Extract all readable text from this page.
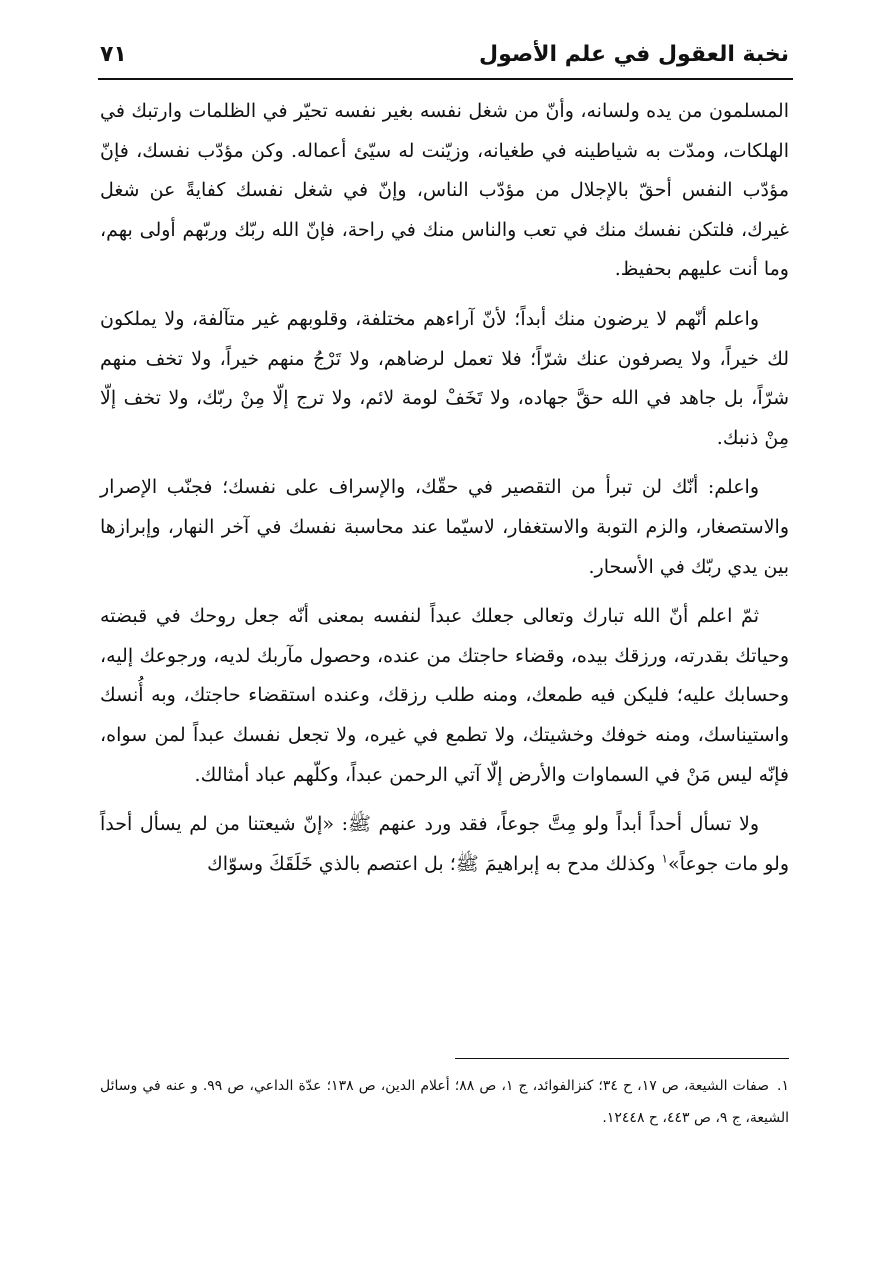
نخبة العقول في علم الأصول
٧١

المسلمون من يده ولسانه، وأنّ من شغل نفسه بغير نفسه تحيّر في الظلمات وارتبك في الهلكات، ومدّت به شياطينه في طغيانه، وزيّنت له سيّئ أعماله. وكن مؤدّب نفسك، فإنّ مؤدّب النفس أحقّ بالإجلال من مؤدّب الناس، وإنّ في شغل نفسك كفايةً عن شغل غيرك، فلتكن نفسك منك في تعب والناس منك في راحة، فإنّ الله ربّك وربّهم أولى بهم، وما أنت عليهم بحفيظ.

واعلم أنّهم لا يرضون منك أبداً؛ لأنّ آراءهم مختلفة، وقلوبهم غير متآلفة، ولا يملكون لك خيراً، ولا يصرفون عنك شرّاً؛ فلا تعمل لرضاهم، ولا تَرْجُ منهم خيراً، ولا تخف منهم شرّاً، بل جاهد في الله حقَّ جهاده، ولا تَخَفْ لومة لائم، ولا ترج إلّا مِنْ ربّك، ولا تخف إلّا مِنْ ذنبك.

واعلم: أنّك لن تبرأ من التقصير في حقّك، والإسراف على نفسك؛ فجنّب الإصرار والاستصغار، والزم التوبة والاستغفار، لاسيّما عند محاسبة نفسك في آخر النهار، وإبرازها بين يدي ربّك في الأسحار.

ثمّ اعلم أنّ الله تبارك وتعالى جعلك عبداً لنفسه بمعنى أنّه جعل روحك في قبضته وحياتك بقدرته، ورزقك بيده، وقضاء حاجتك من عنده، وحصول مآربك لديه، ورجوعك إليه، وحسابك عليه؛ فليكن فيه طمعك، ومنه طلب رزقك، وعنده استقضاء حاجتك، وبه أُنسك واستيناسك، ومنه خوفك وخشيتك، ولا تطمع في غيره، ولا تجعل نفسك عبداً لمن سواه، فإنّه ليس مَنْ في السماوات والأرض إلّا آتي الرحمن عبداً، وكلّهم عباد أمثالك.

ولا تسأل أحداً أبداً ولو مِتَّ جوعاً، فقد ورد عنهم ﷺ: «إنّ شيعتنا من لم يسأل أحداً ولو مات جوعاً»$^١$ وكذلك مدح به إبراهيمَ ﷺ؛ بل اعتصم بالذي خَلَقَكَ وسوّاك

١.صفات الشيعة، ص ١٧، ح ٣٤؛ كنزالفوائد، ج ١، ص ٨٨؛ أعلام الدين، ص ١٣٨؛ عدّة الداعي، ص ٩٩. و عنه في وسائل الشيعة، ج ٩، ص ٤٤٣، ح ١٢٤٤٨.
